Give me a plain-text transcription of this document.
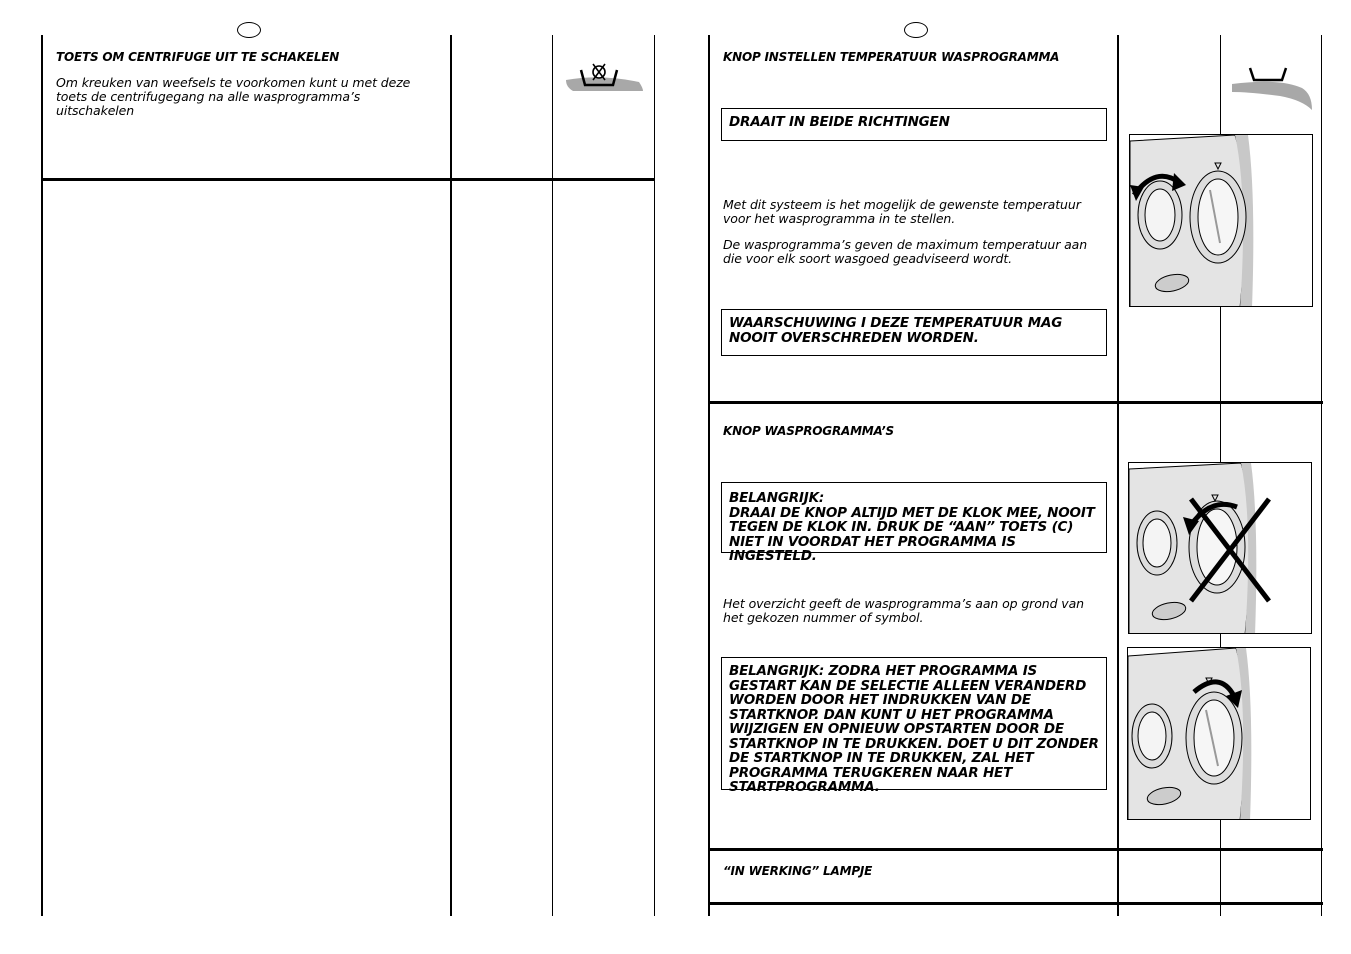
TOETS OM CENTRIFUGE UIT TE SCHAKELEN
Om kreuken van weefsels te voorkomen kunt u met deze toets de centrifugegang na alle wasprogramma’s uitschakelen
KNOP INSTELLEN TEMPERATUUR WASPROGRAMMA
DRAAIT IN BEIDE RICHTINGEN
Met dit systeem is het mogelijk de gewenste temperatuur voor het wasprogramma in te stellen.
De wasprogramma’s geven de maximum temperatuur aan die voor elk soort wasgoed geadviseerd wordt.
WAARSCHUWING I DEZE TEMPERATUUR MAG NOOIT OVERSCHREDEN WORDEN.
KNOP WASPROGRAMMA’S
BELANGRIJK:
DRAAI DE KNOP ALTIJD MET DE KLOK MEE, NOOIT TEGEN DE KLOK IN. DRUK DE “AAN” TOETS (C) NIET IN VOORDAT HET PROGRAMMA IS INGESTELD.
Het overzicht geeft de wasprogramma’s aan op grond van het gekozen nummer of symbol.
BELANGRIJK: ZODRA HET PROGRAMMA IS GESTART KAN DE SELECTIE ALLEEN VERANDERD WORDEN DOOR HET INDRUKKEN VAN DE STARTKNOP. DAN KUNT U HET PROGRAMMA WIJZIGEN EN OPNIEUW OPSTARTEN DOOR DE STARTKNOP IN TE DRUKKEN. DOET U DIT ZONDER DE STARTKNOP IN TE DRUKKEN, ZAL HET PROGRAMMA TERUGKEREN NAAR HET STARTPROGRAMMA.
“IN WERKING” LAMPJE
